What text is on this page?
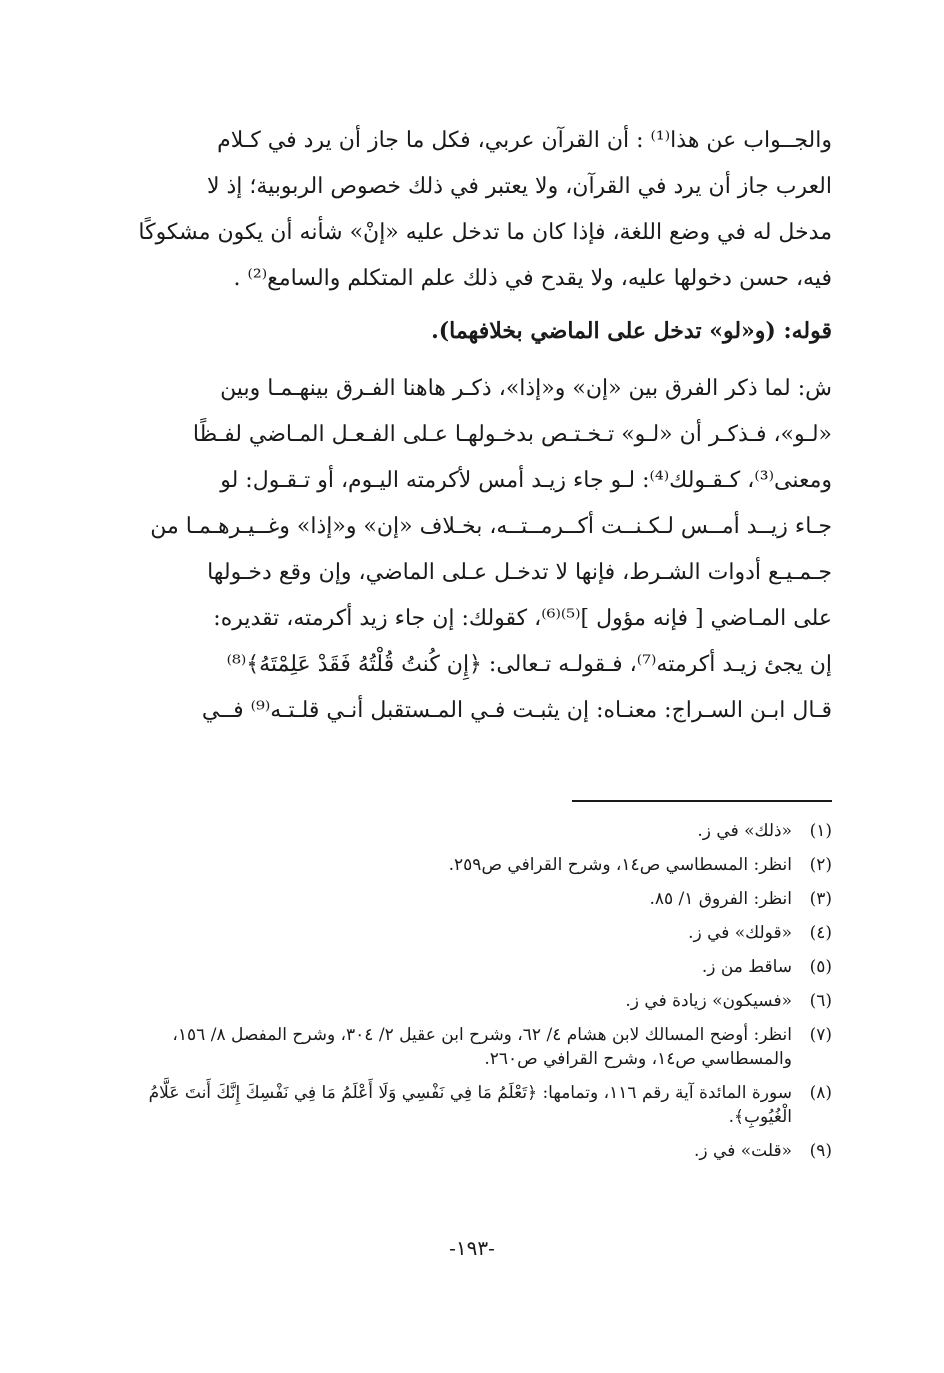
والجــواب عن هذا⁽¹⁾ : أن القرآن عربي، فكل ما جاز أن يرد في كـلام

العرب جاز أن يرد في القرآن، ولا يعتبر في ذلك خصوص الربوبية؛ إذ لا

مدخل له في وضع اللغة، فإذا كان ما تدخل عليه «إنْ» شأنه أن يكون مشكوكًا

فيه، حسن دخولها عليه، ولا يقدح في ذلك علم المتكلم والسامع⁽²⁾ .

قوله: (و«لو» تدخل على الماضي بخلافهما).

ش: لما ذكر الفرق بين «إن» و«إذا»، ذكـر هاهنا الفـرق بينهـمـا وبين

«لـو»، فـذكـر أن «لـو» تـخـتـص بدخـولهـا عـلى الفـعـل المـاضي لفـظًا

ومعنى⁽³⁾، كـقـولك⁽⁴⁾: لـو جاء زيـد أمس لأكرمته اليـوم، أو تـقـول: لو

جـاء زيــد أمــس لـكـنــت أكــرمــتــه، بخـلاف «إن» و«إذا» وغــيـرهـمـا من

جـمـيـع أدوات الشـرط، فإنها لا تدخـل عـلى الماضي، وإن وقع دخـولها

على المـاضي [ فإنه مؤول ]⁽⁵⁾⁽⁶⁾، كقولك: إن جاء زيد أكرمته، تقديره:

إن يجئ زيـد أكرمته⁽⁷⁾، فـقولـه تـعالى: ﴿إِن كُنتُ قُلْتُهُ فَقَدْ عَلِمْتَهُ﴾⁽⁸⁾

قـال ابـن السـراج: معنـاه: إن يثبـت فـي المـستقبل أنـي قلـتـه⁽⁹⁾ فــي

(١)
«ذلك» في ز.
(٢)
انظر: المسطاسي ص١٤، وشرح القرافي ص٢٥٩.
(٣)
انظر: الفروق ١/ ٨٥.
(٤)
«قولك» في ز.
(٥)
ساقط من ز.
(٦)
«فسيكون» زيادة في ز.
(٧)
انظر: أوضح المسالك لابن هشام ٤/ ٦٢، وشرح ابن عقيل ٢/ ٣٠٤، وشرح المفصل ٨/ ١٥٦، والمسطاسي ص١٤، وشرح القرافي ص٢٦٠.
(٨)
سورة المائدة آية رقم ١١٦، وتمامها: ﴿تَعْلَمُ مَا فِي نَفْسِي وَلَا أَعْلَمُ مَا فِي نَفْسِكَ إِنَّكَ أَنتَ عَلَّامُ الْغُيُوبِ﴾.
(٩)
«قلت» في ز.
-١٩٣-
